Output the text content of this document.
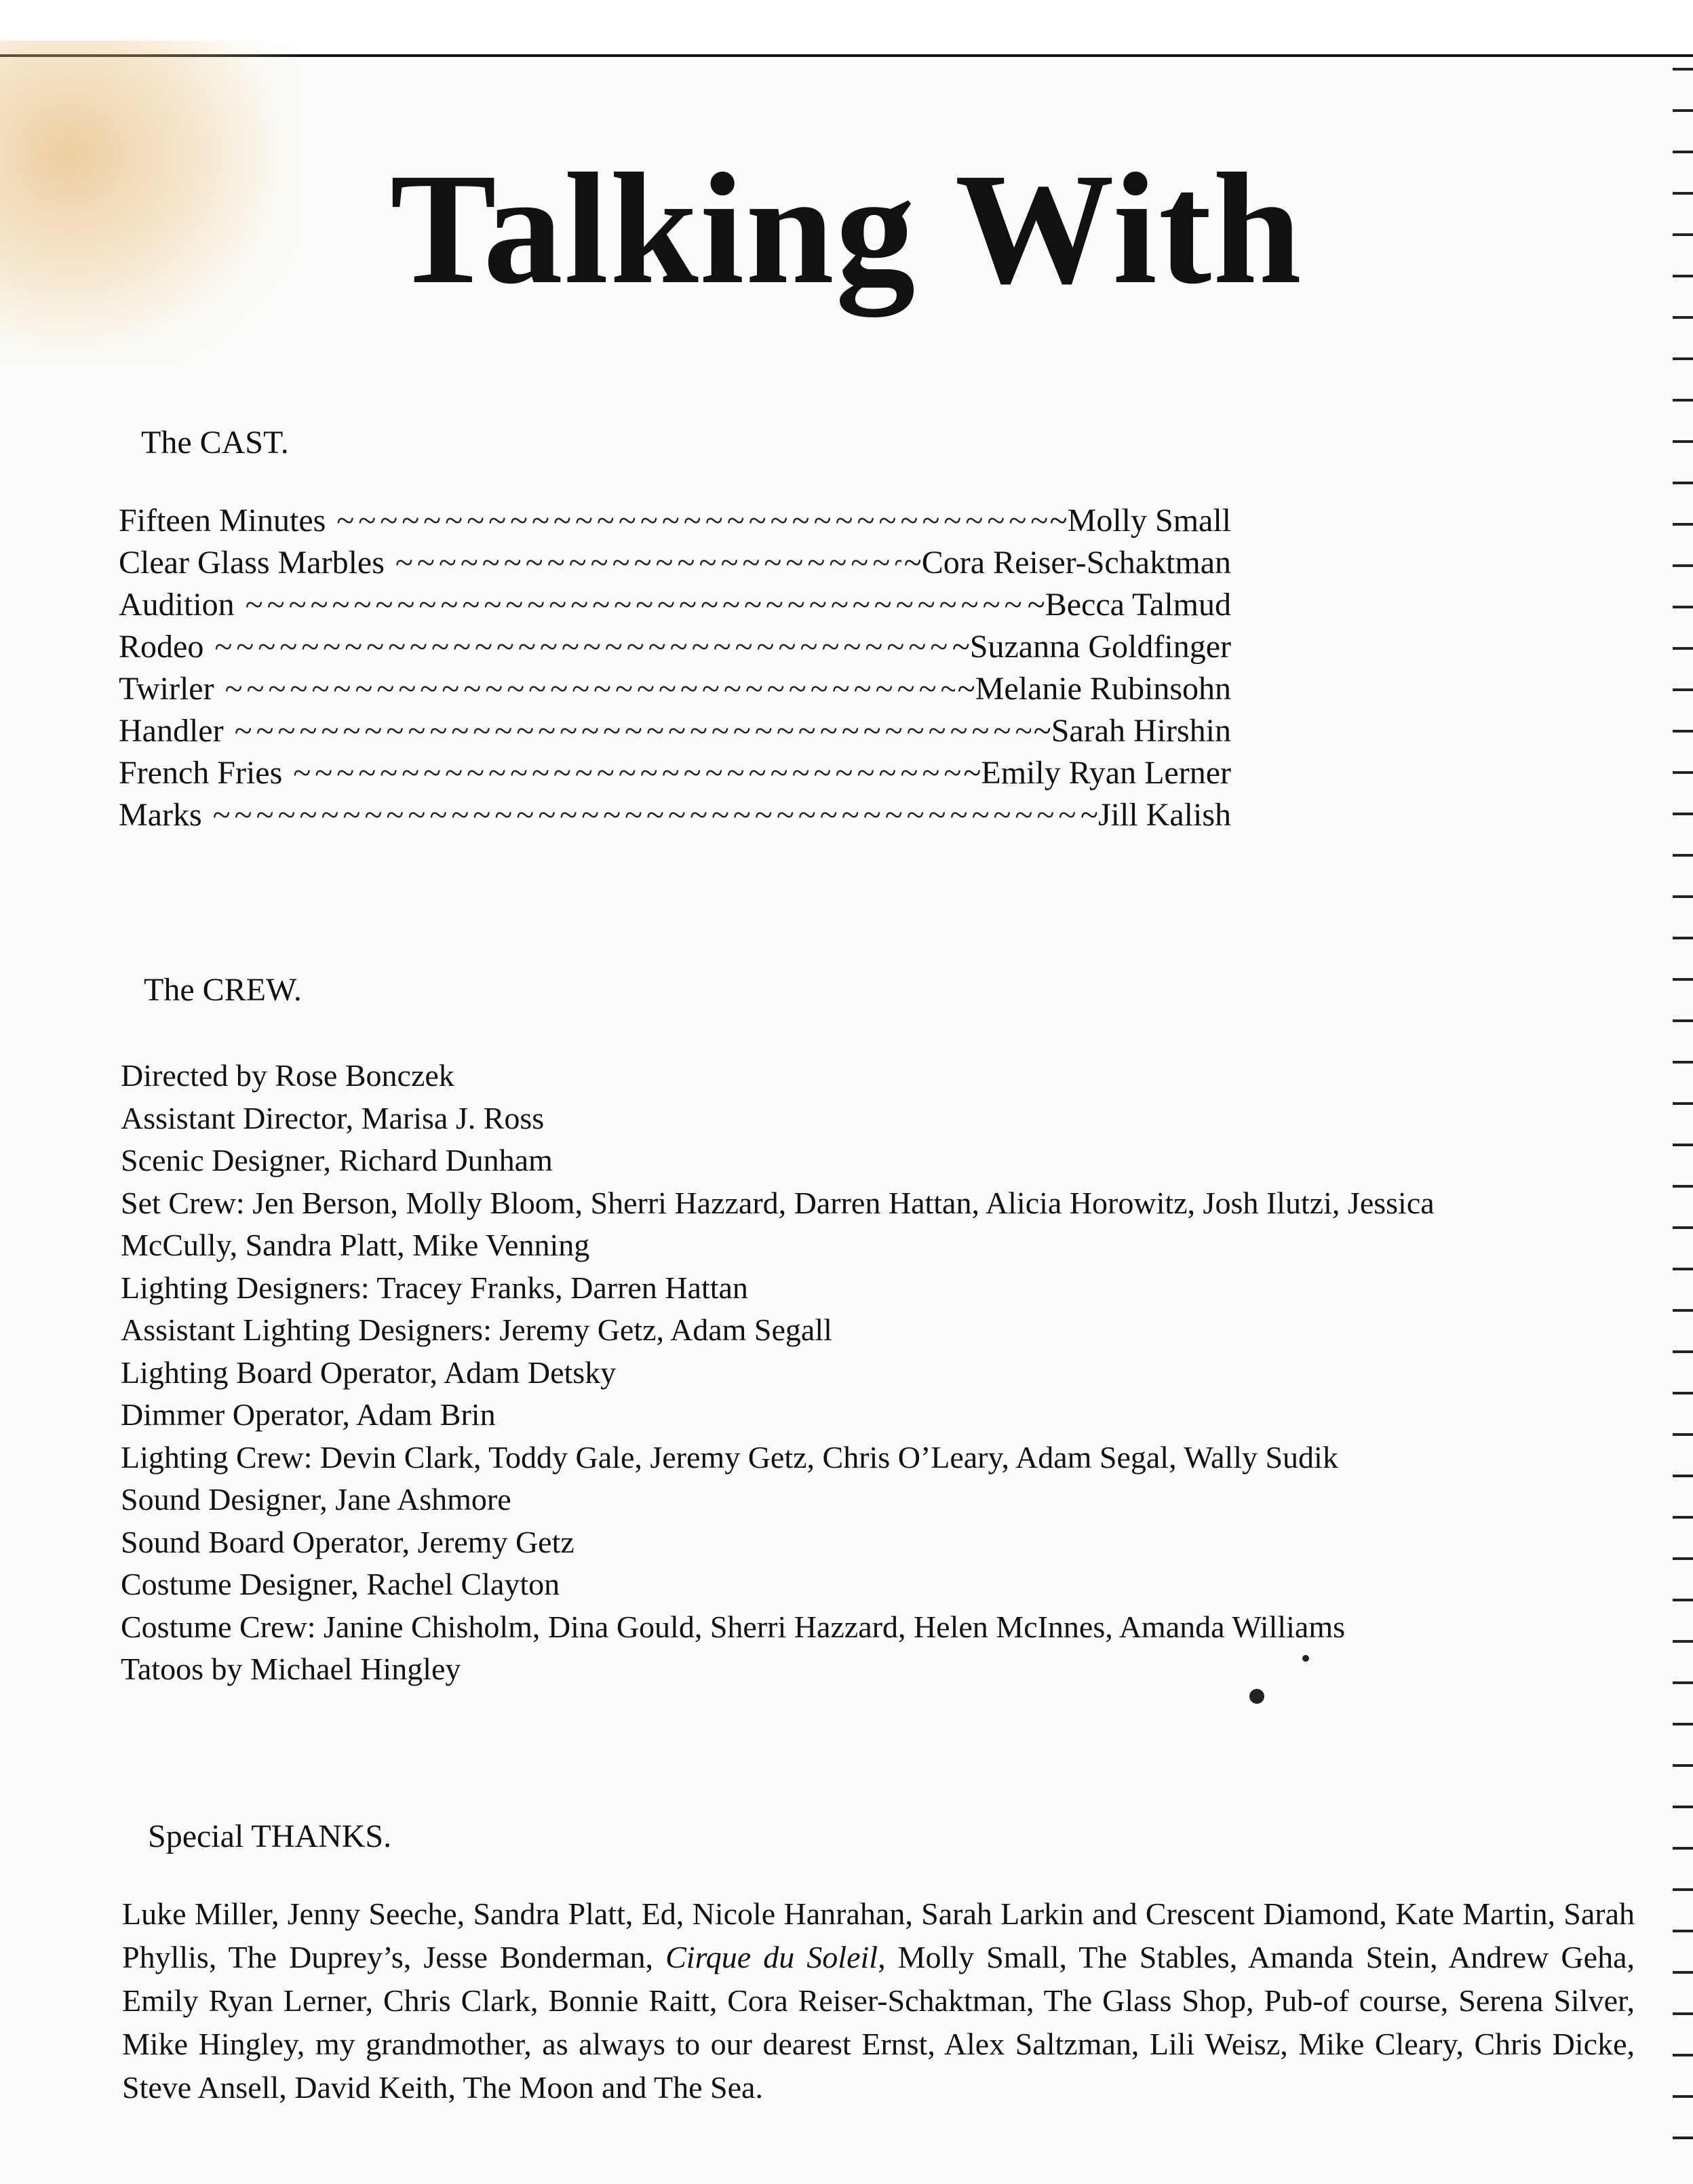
Talking With
The CAST.
Fifteen Minutes ~~~~~	~Molly Small
Clear Glass Marbles ~~~~~	~Cora Reiser-Schaktman
Audition ~~~~~	~Becca Talmud
Rodeo ~~~~~	~Suzanna Goldfinger
Twirler ~~~~~	~Melanie Rubinsohn
Handler ~~~~~	~Sarah Hirshin
French Fries ~~~~~	~Emily Ryan Lerner
Marks ~~~~~	~Jill Kalish
The CREW.
Directed by Rose Bonczek
Assistant Director, Marisa J. Ross
Scenic Designer, Richard Dunham
Set Crew: Jen Berson, Molly Bloom, Sherri Hazzard, Darren Hattan, Alicia Horowitz, Josh Ilutzi, Jessica
McCully, Sandra Platt, Mike Venning
Lighting Designers: Tracey Franks, Darren Hattan
Assistant Lighting Designers: Jeremy Getz, Adam Segall
Lighting Board Operator, Adam Detsky
Dimmer Operator, Adam Brin
Lighting Crew: Devin Clark, Toddy Gale, Jeremy Getz, Chris O’Leary, Adam Segal, Wally Sudik
Sound Designer, Jane Ashmore
Sound Board Operator, Jeremy Getz
Costume Designer, Rachel Clayton
Costume Crew: Janine Chisholm, Dina Gould, Sherri Hazzard, Helen McInnes, Amanda Williams
Tatoos by Michael Hingley
Special THANKS.
Luke Miller, Jenny Seeche, Sandra Platt, Ed, Nicole Hanrahan, Sarah Larkin and Crescent Diamond, Kate Martin, Sarah Phyllis, The Duprey’s, Jesse Bonderman, Cirque du Soleil, Molly Small, The Stables, Amanda Stein, Andrew Geha, Emily Ryan Lerner, Chris Clark, Bonnie Raitt, Cora Reiser-Schaktman, The Glass Shop, Pub-of course, Serena Silver, Mike Hingley, my grandmother, as always to our dearest Ernst, Alex Saltzman, Lili Weisz, Mike Cleary, Chris Dicke, Steve Ansell, David Keith, The Moon and The Sea.
